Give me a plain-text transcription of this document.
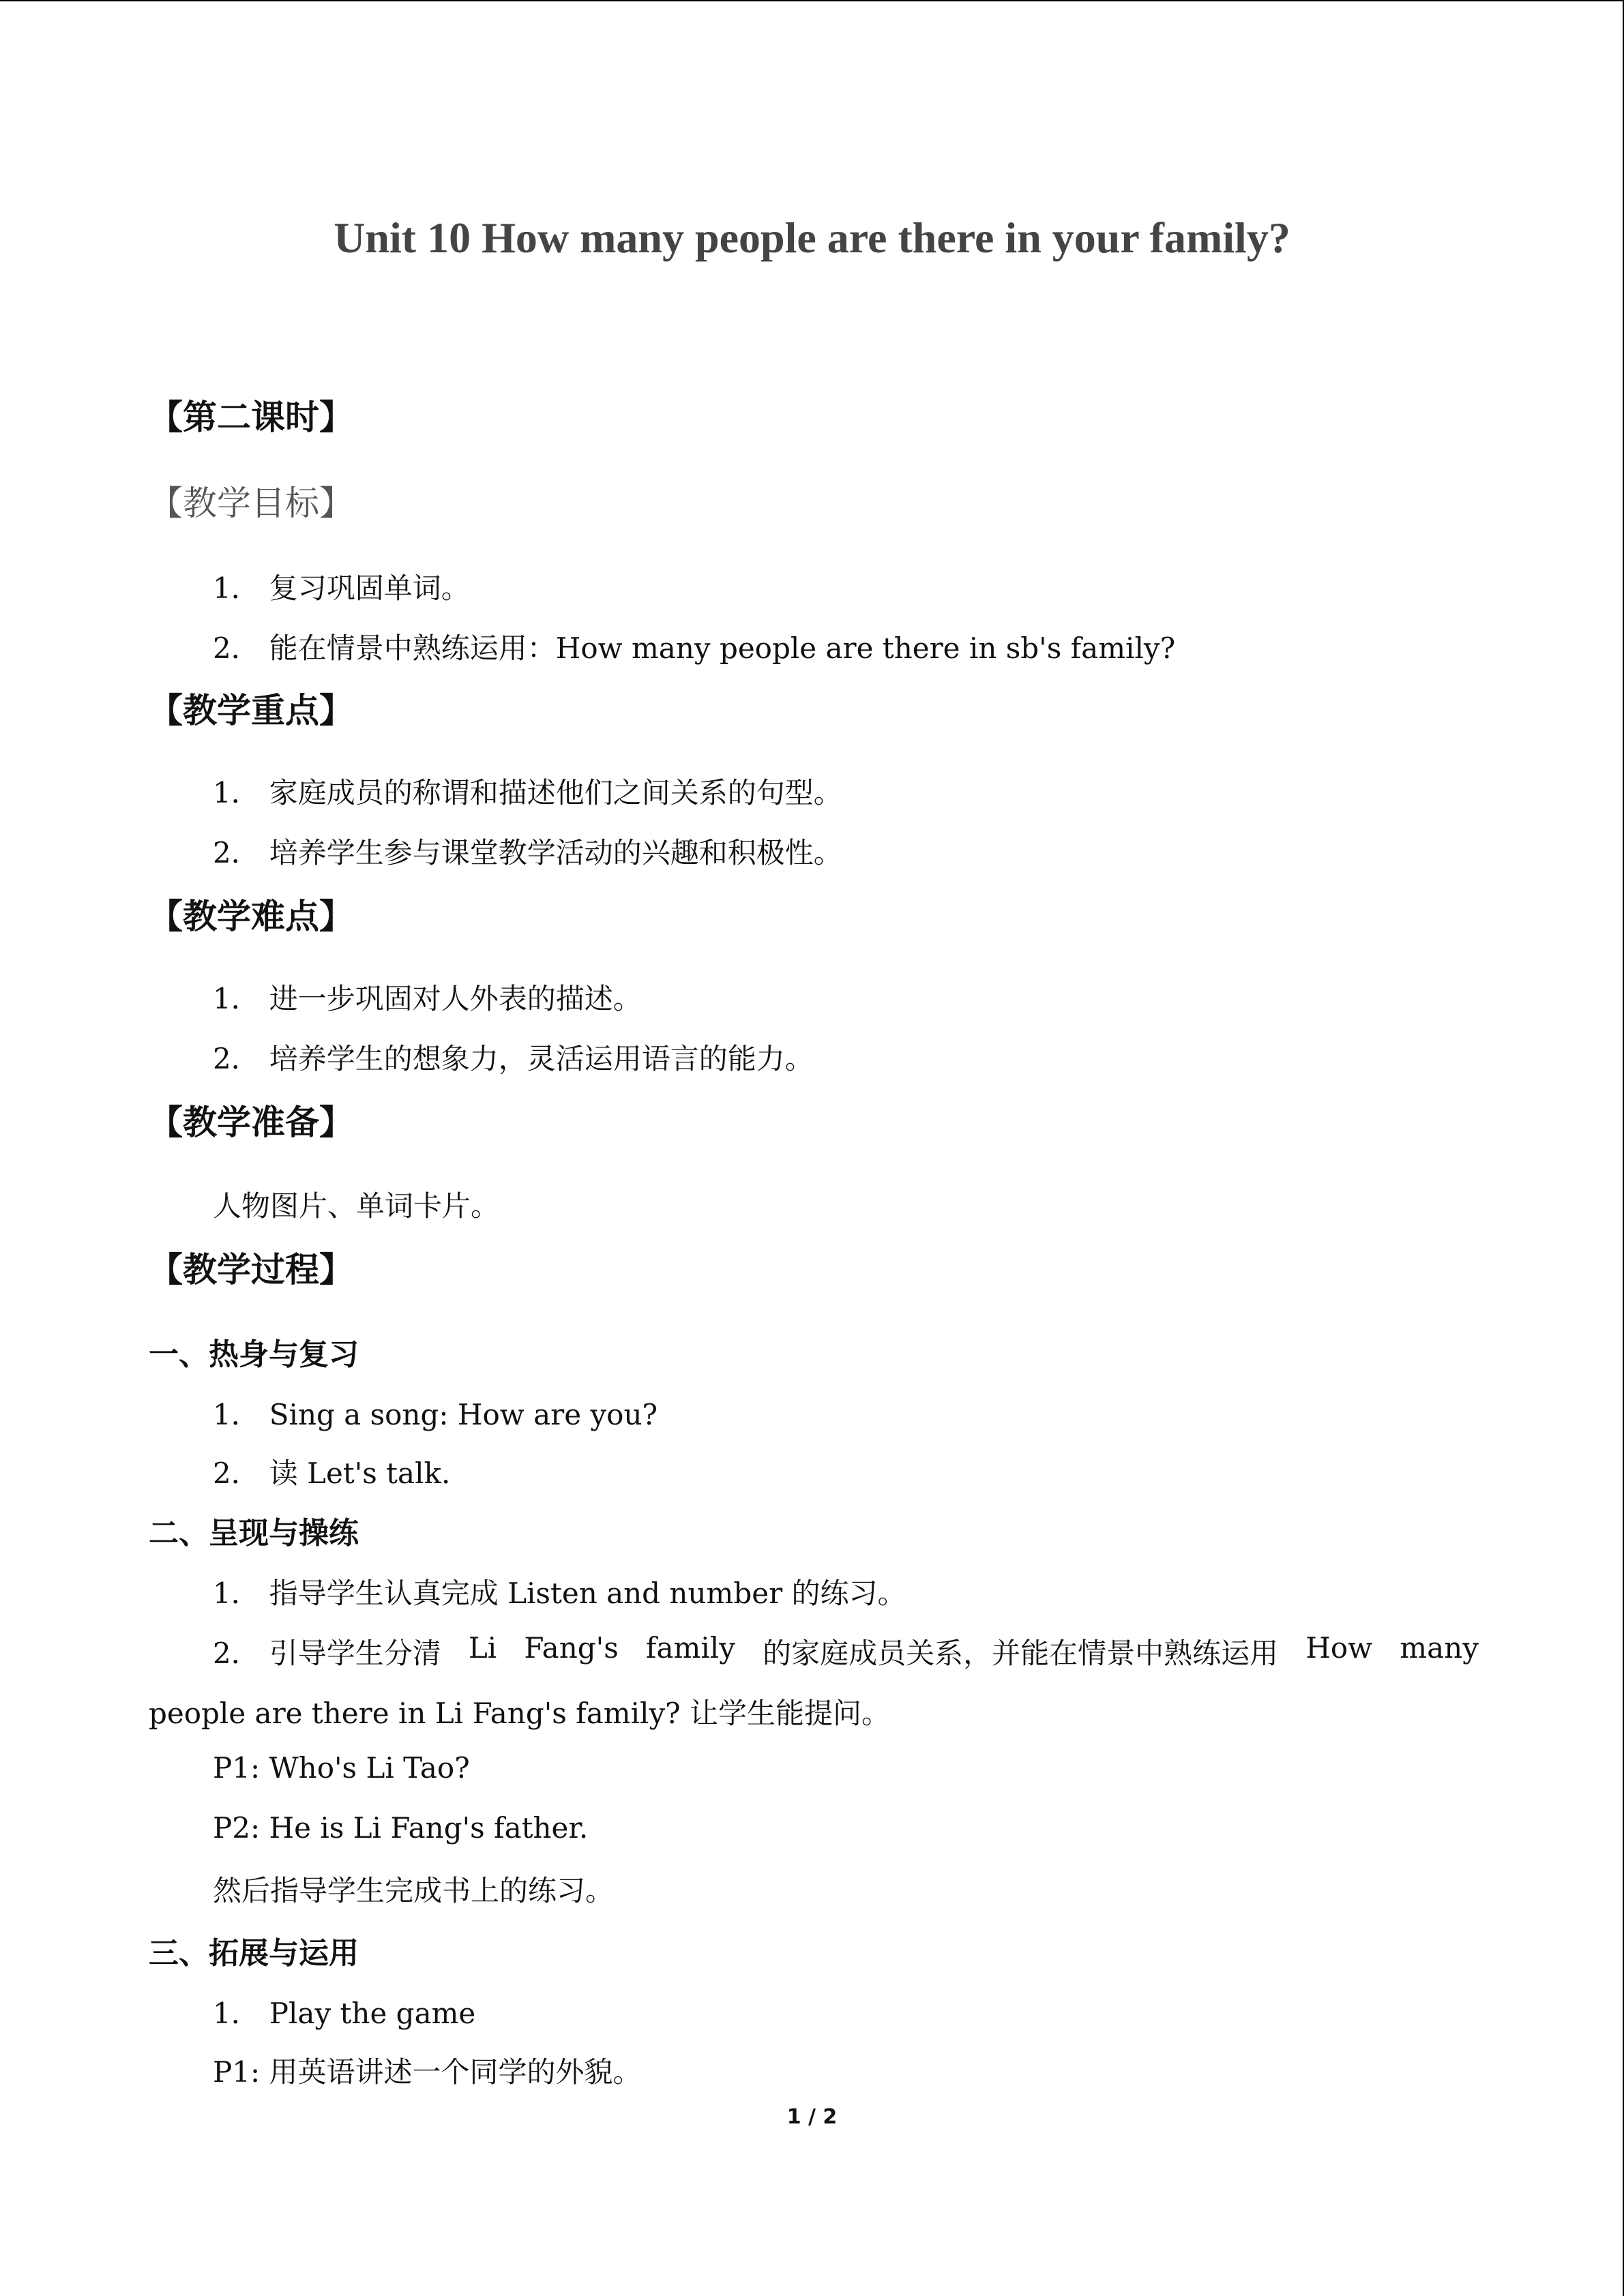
Unit 10 How many people are there in your family?
【第二课时】
【教学目标】
1． 复习巩固单词。
2． 能在情景中熟练运用：How many people are there in sb's family?
【教学重点】
1． 家庭成员的称谓和描述他们之间关系的句型。
2． 培养学生参与课堂教学活动的兴趣和积极性。
【教学难点】
1． 进一步巩固对人外表的描述。
2． 培养学生的想象力，灵活运用语言的能力。
【教学准备】
人物图片、单词卡片。
【教学过程】
一、热身与复习
1． Sing a song: How are you?
2． 读 Let's talk.
二、呈现与操练
1． 指导学生认真完成 Listen and number 的练习。
2． 引导学生分清 Li Fang's family 的家庭成员关系，并能在情景中熟练运用 How many
people are there in Li Fang's family? 让学生能提问。
P1: Who's Li Tao?
P2: He is Li Fang's father.
然后指导学生完成书上的练习。
三、拓展与运用
1． Play the game
P1: 用英语讲述一个同学的外貌。
1 / 2
